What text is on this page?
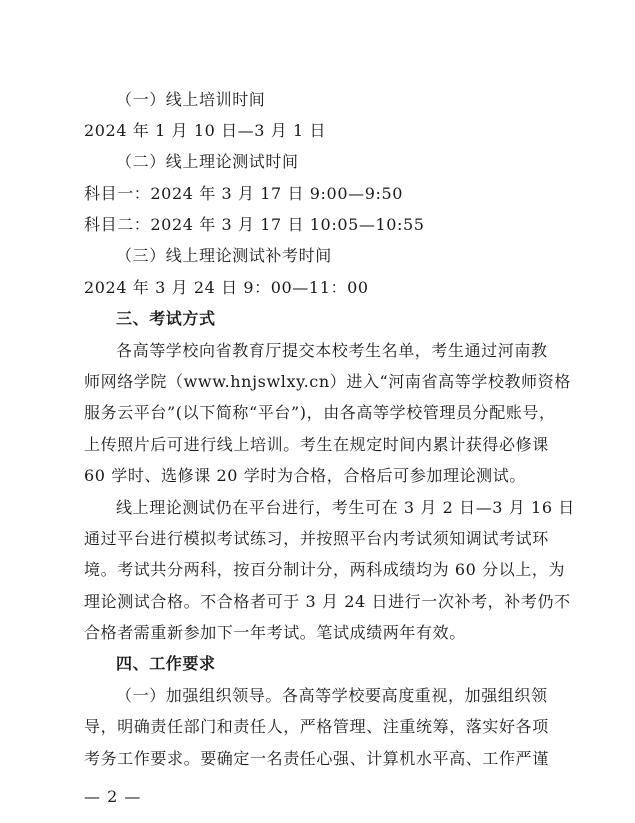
（一）线上培训时间
2024 年 1 月 10 日—3 月 1 日
（二）线上理论测试时间
科目一：2024 年 3 月 17 日 9:00—9:50
科目二：2024 年 3 月 17 日 10:05—10:55
（三）线上理论测试补考时间
2024 年 3 月 24 日 9：00—11：00
三、考试方式
各高等学校向省教育厅提交本校考生名单，考生通过河南教
师网络学院（www.hnjswlxy.cn）进入“河南省高等学校教师资格
服务云平台”(以下简称“平台”)，由各高等学校管理员分配账号，
上传照片后可进行线上培训。考生在规定时间内累计获得必修课
60 学时、选修课 20 学时为合格，合格后可参加理论测试。
线上理论测试仍在平台进行，考生可在 3 月 2 日—3 月 16 日
通过平台进行模拟考试练习，并按照平台内考试须知调试考试环
境。考试共分两科，按百分制计分，两科成绩均为 60 分以上，为
理论测试合格。不合格者可于 3 月 24 日进行一次补考，补考仍不
合格者需重新参加下一年考试。笔试成绩两年有效。
四、工作要求
（一）加强组织领导。各高等学校要高度重视，加强组织领
导，明确责任部门和责任人，严格管理、注重统筹，落实好各项
考务工作要求。要确定一名责任心强、计算机水平高、工作严谨
— 2 —
